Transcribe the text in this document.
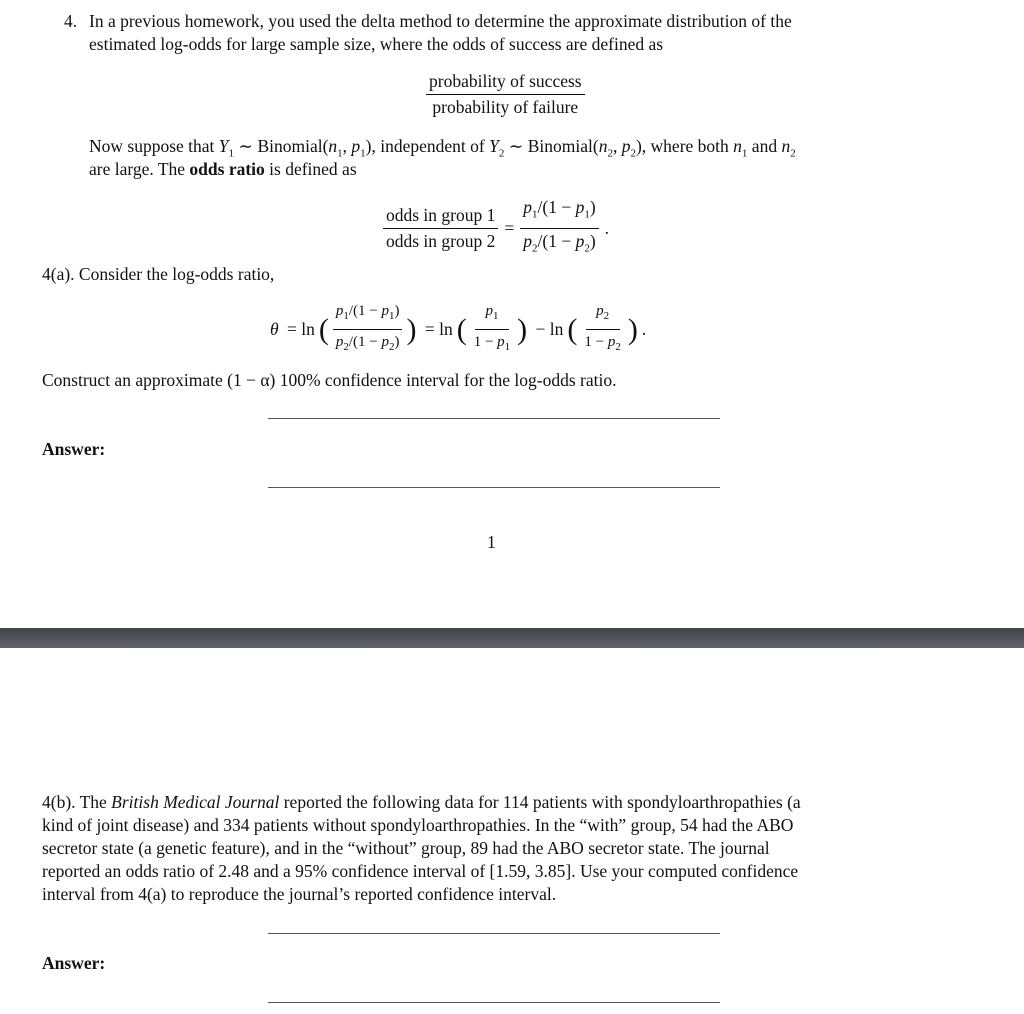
4. In a previous homework, you used the delta method to determine the approximate distribution of the
estimated log-odds for large sample size, where the odds of success are defined as
$\frac{\text{probability of success}}{\text{probability of failure}}$
Now suppose that $Y_1$ ∼ $Binomial(n_1$, $p_1$), independent of $Y_2$ ∼ $Binomial(n_2$, $p_2$), where both $n_1$ and $n_2$
are large. The odds ratio is defined as
$\frac{\text{odds in group 1}}{\text{odds in group 2}} = \frac{p_1/(1 - p_1)}{p_2/(1 - p_2)}$ .
4(a). Consider the log-odds ratio,
θ = ln ( $\frac{p_1/(1 - p_1)}{p_2/(1 - p_2)}$ ) = ln ( $\frac{p_1}{1 - p_1}$ ) − ln ( $\frac{p_2}{1 - p_2}$ ) .
Construct an approximate (1 − α) 100% confidence interval for the log-odds ratio.
Answer:
1
4(b). The British Medical Journal reported the following data for 114 patients with spondyloarthropathies (a
kind of joint disease) and 334 patients without spondyloarthropathies. In the “with” group, 54 had the ABO
secretor state (a genetic feature), and in the “without” group, 89 had the ABO secretor state. The journal
reported an odds ratio of 2.48 and a 95% confidence interval of [1.59, 3.85]. Use your computed confidence
interval from 4(a) to reproduce the journal’s reported confidence interval.
Answer:
